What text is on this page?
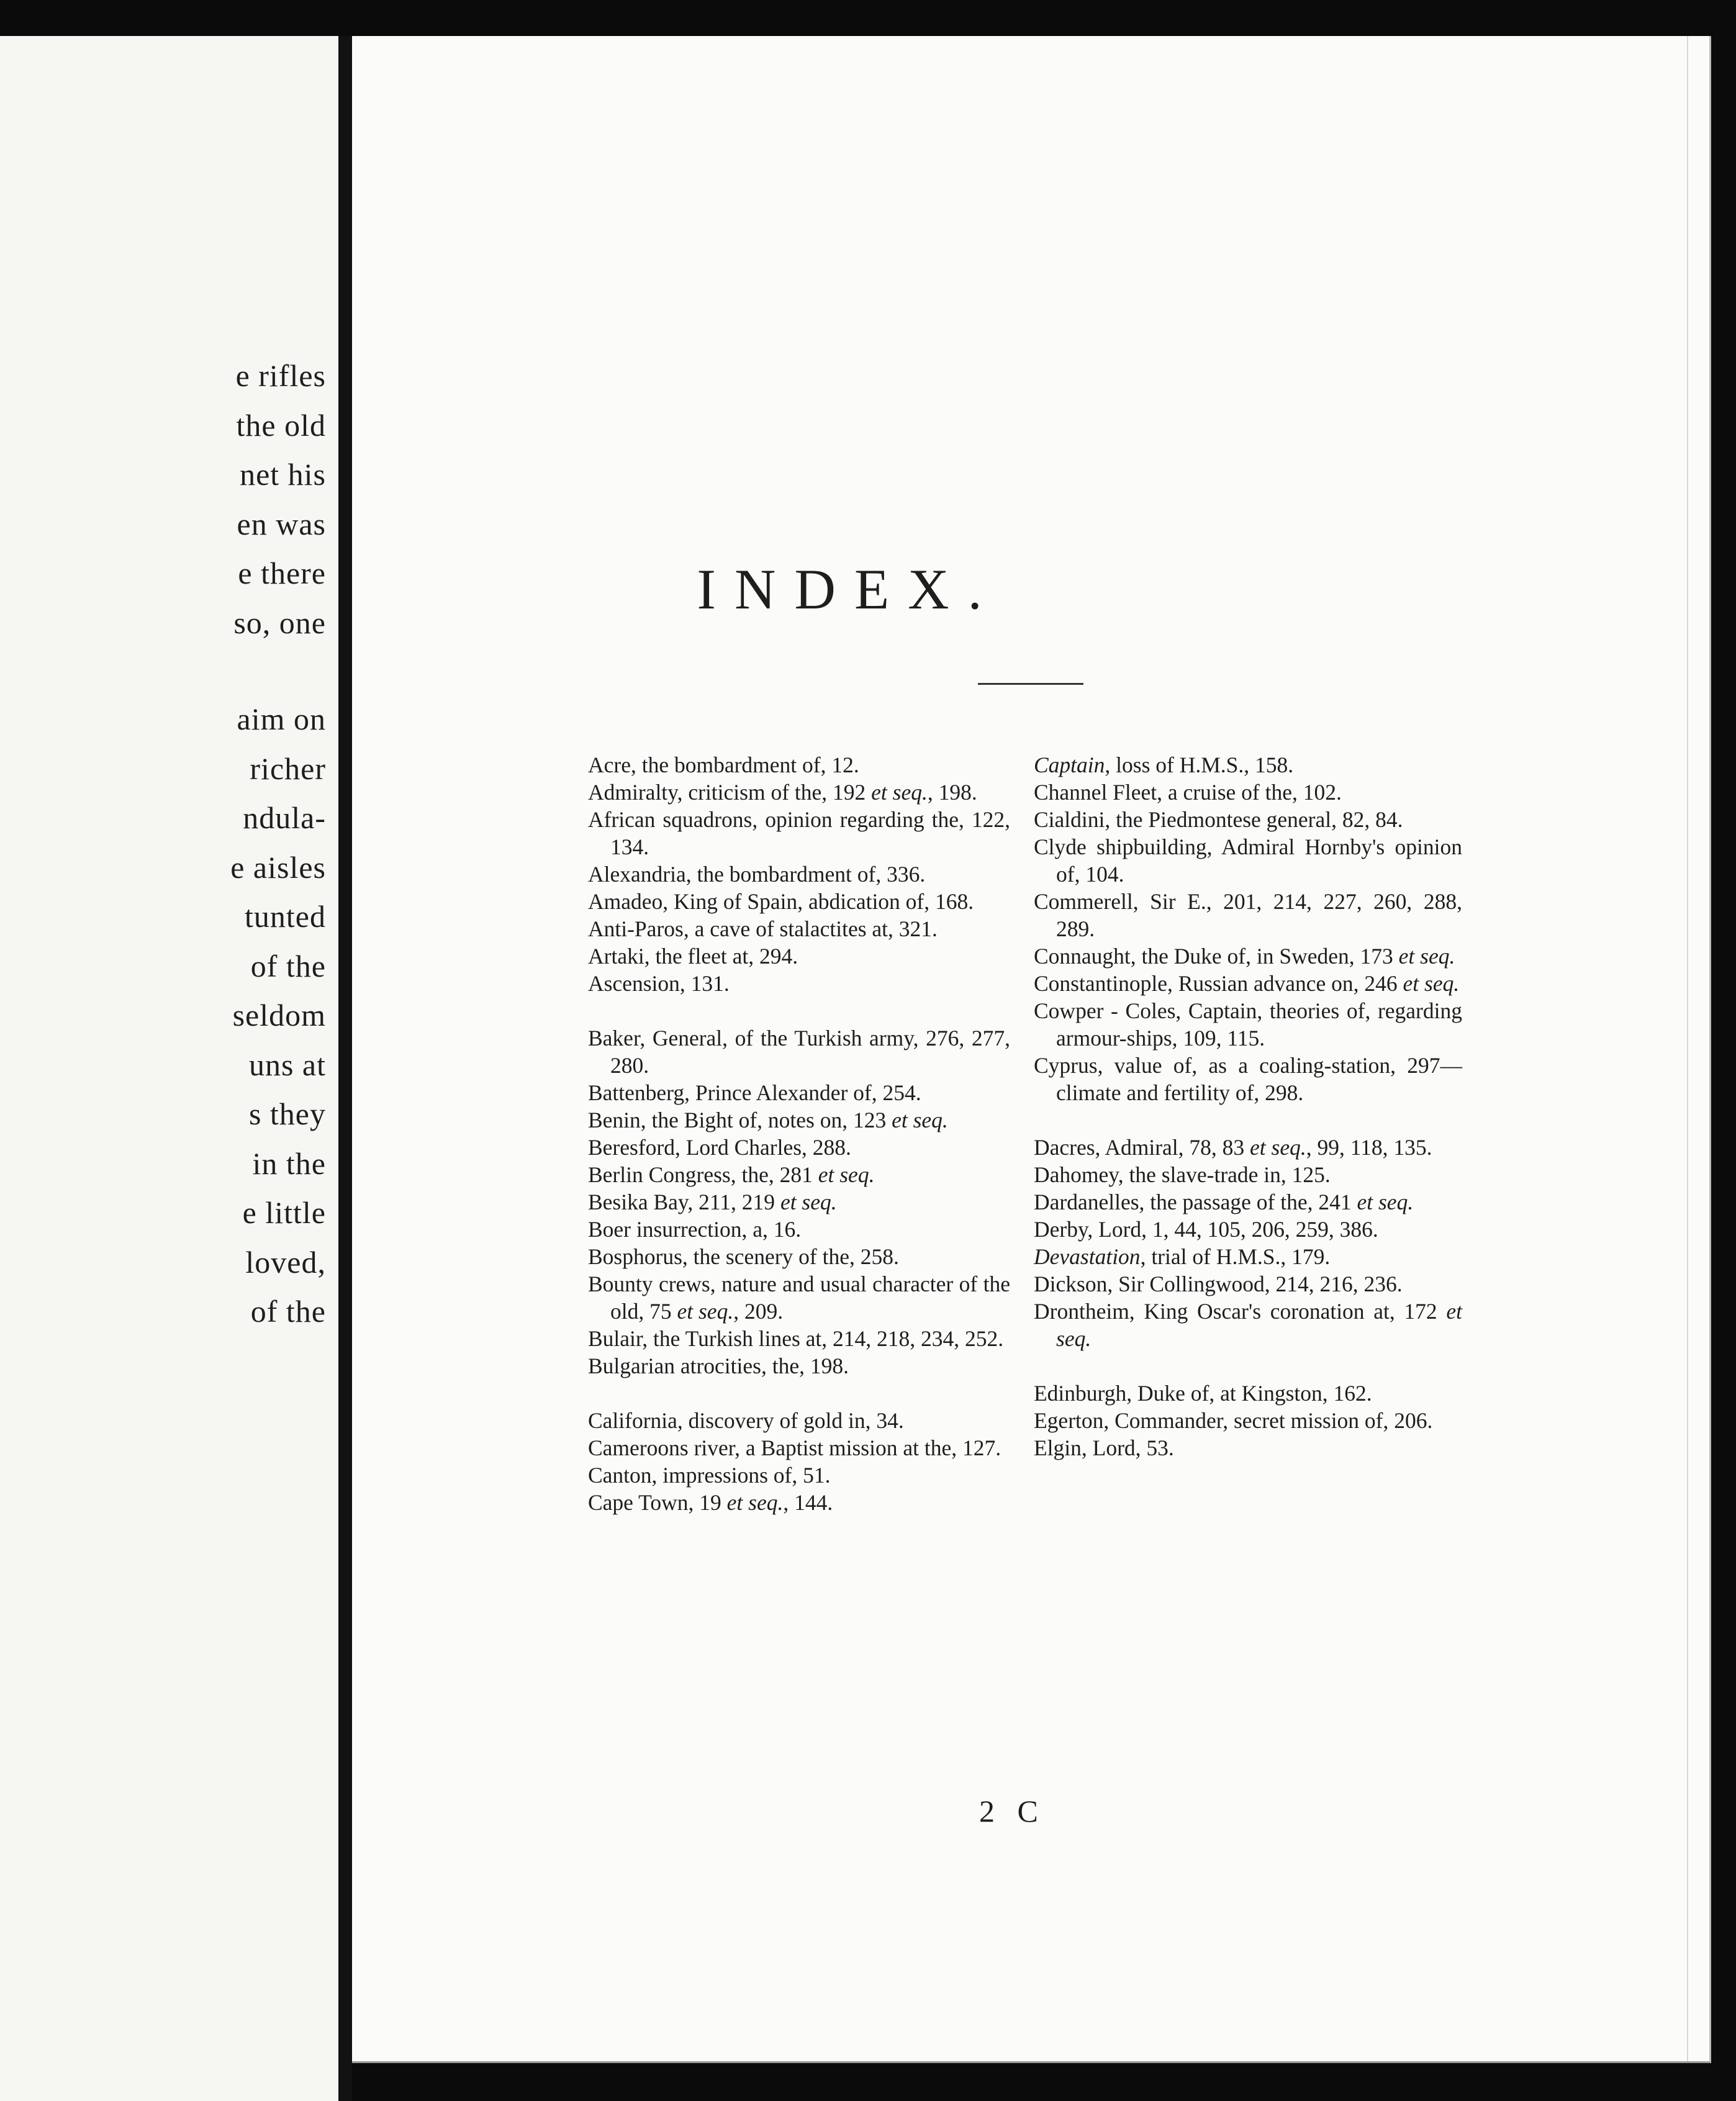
e rifles
the old
net his
en was
e there
so, one
aim on
richer
ndula-
e aisles
tunted
of the
seldom
uns at
s they
in the
e little
loved,
of the
INDEX.
Acre, the bombardment of, 12.
Admiralty, criticism of the, 192 et seq., 198.
African squadrons, opinion regarding the, 122, 134.
Alexandria, the bombardment of, 336.
Amadeo, King of Spain, abdication of, 168.
Anti-Paros, a cave of stalactites at, 321.
Artaki, the fleet at, 294.
Ascension, 131.
Baker, General, of the Turkish army, 276, 277, 280.
Battenberg, Prince Alexander of, 254.
Benin, the Bight of, notes on, 123 et seq.
Beresford, Lord Charles, 288.
Berlin Congress, the, 281 et seq.
Besika Bay, 211, 219 et seq.
Boer insurrection, a, 16.
Bosphorus, the scenery of the, 258.
Bounty crews, nature and usual character of the old, 75 et seq., 209.
Bulair, the Turkish lines at, 214, 218, 234, 252.
Bulgarian atrocities, the, 198.
California, discovery of gold in, 34.
Cameroons river, a Baptist mission at the, 127.
Canton, impressions of, 51.
Cape Town, 19 et seq., 144.
Captain, loss of H.M.S., 158.
Channel Fleet, a cruise of the, 102.
Cialdini, the Piedmontese general, 82, 84.
Clyde shipbuilding, Admiral Hornby's opinion of, 104.
Commerell, Sir E., 201, 214, 227, 260, 288, 289.
Connaught, the Duke of, in Sweden, 173 et seq.
Constantinople, Russian advance on, 246 et seq.
Cowper - Coles, Captain, theories of, regarding armour-ships, 109, 115.
Cyprus, value of, as a coaling-station, 297—climate and fertility of, 298.
Dacres, Admiral, 78, 83 et seq., 99, 118, 135.
Dahomey, the slave-trade in, 125.
Dardanelles, the passage of the, 241 et seq.
Derby, Lord, 1, 44, 105, 206, 259, 386.
Devastation, trial of H.M.S., 179.
Dickson, Sir Collingwood, 214, 216, 236.
Drontheim, King Oscar's coronation at, 172 et seq.
Edinburgh, Duke of, at Kingston, 162.
Egerton, Commander, secret mission of, 206.
Elgin, Lord, 53.
2 C
